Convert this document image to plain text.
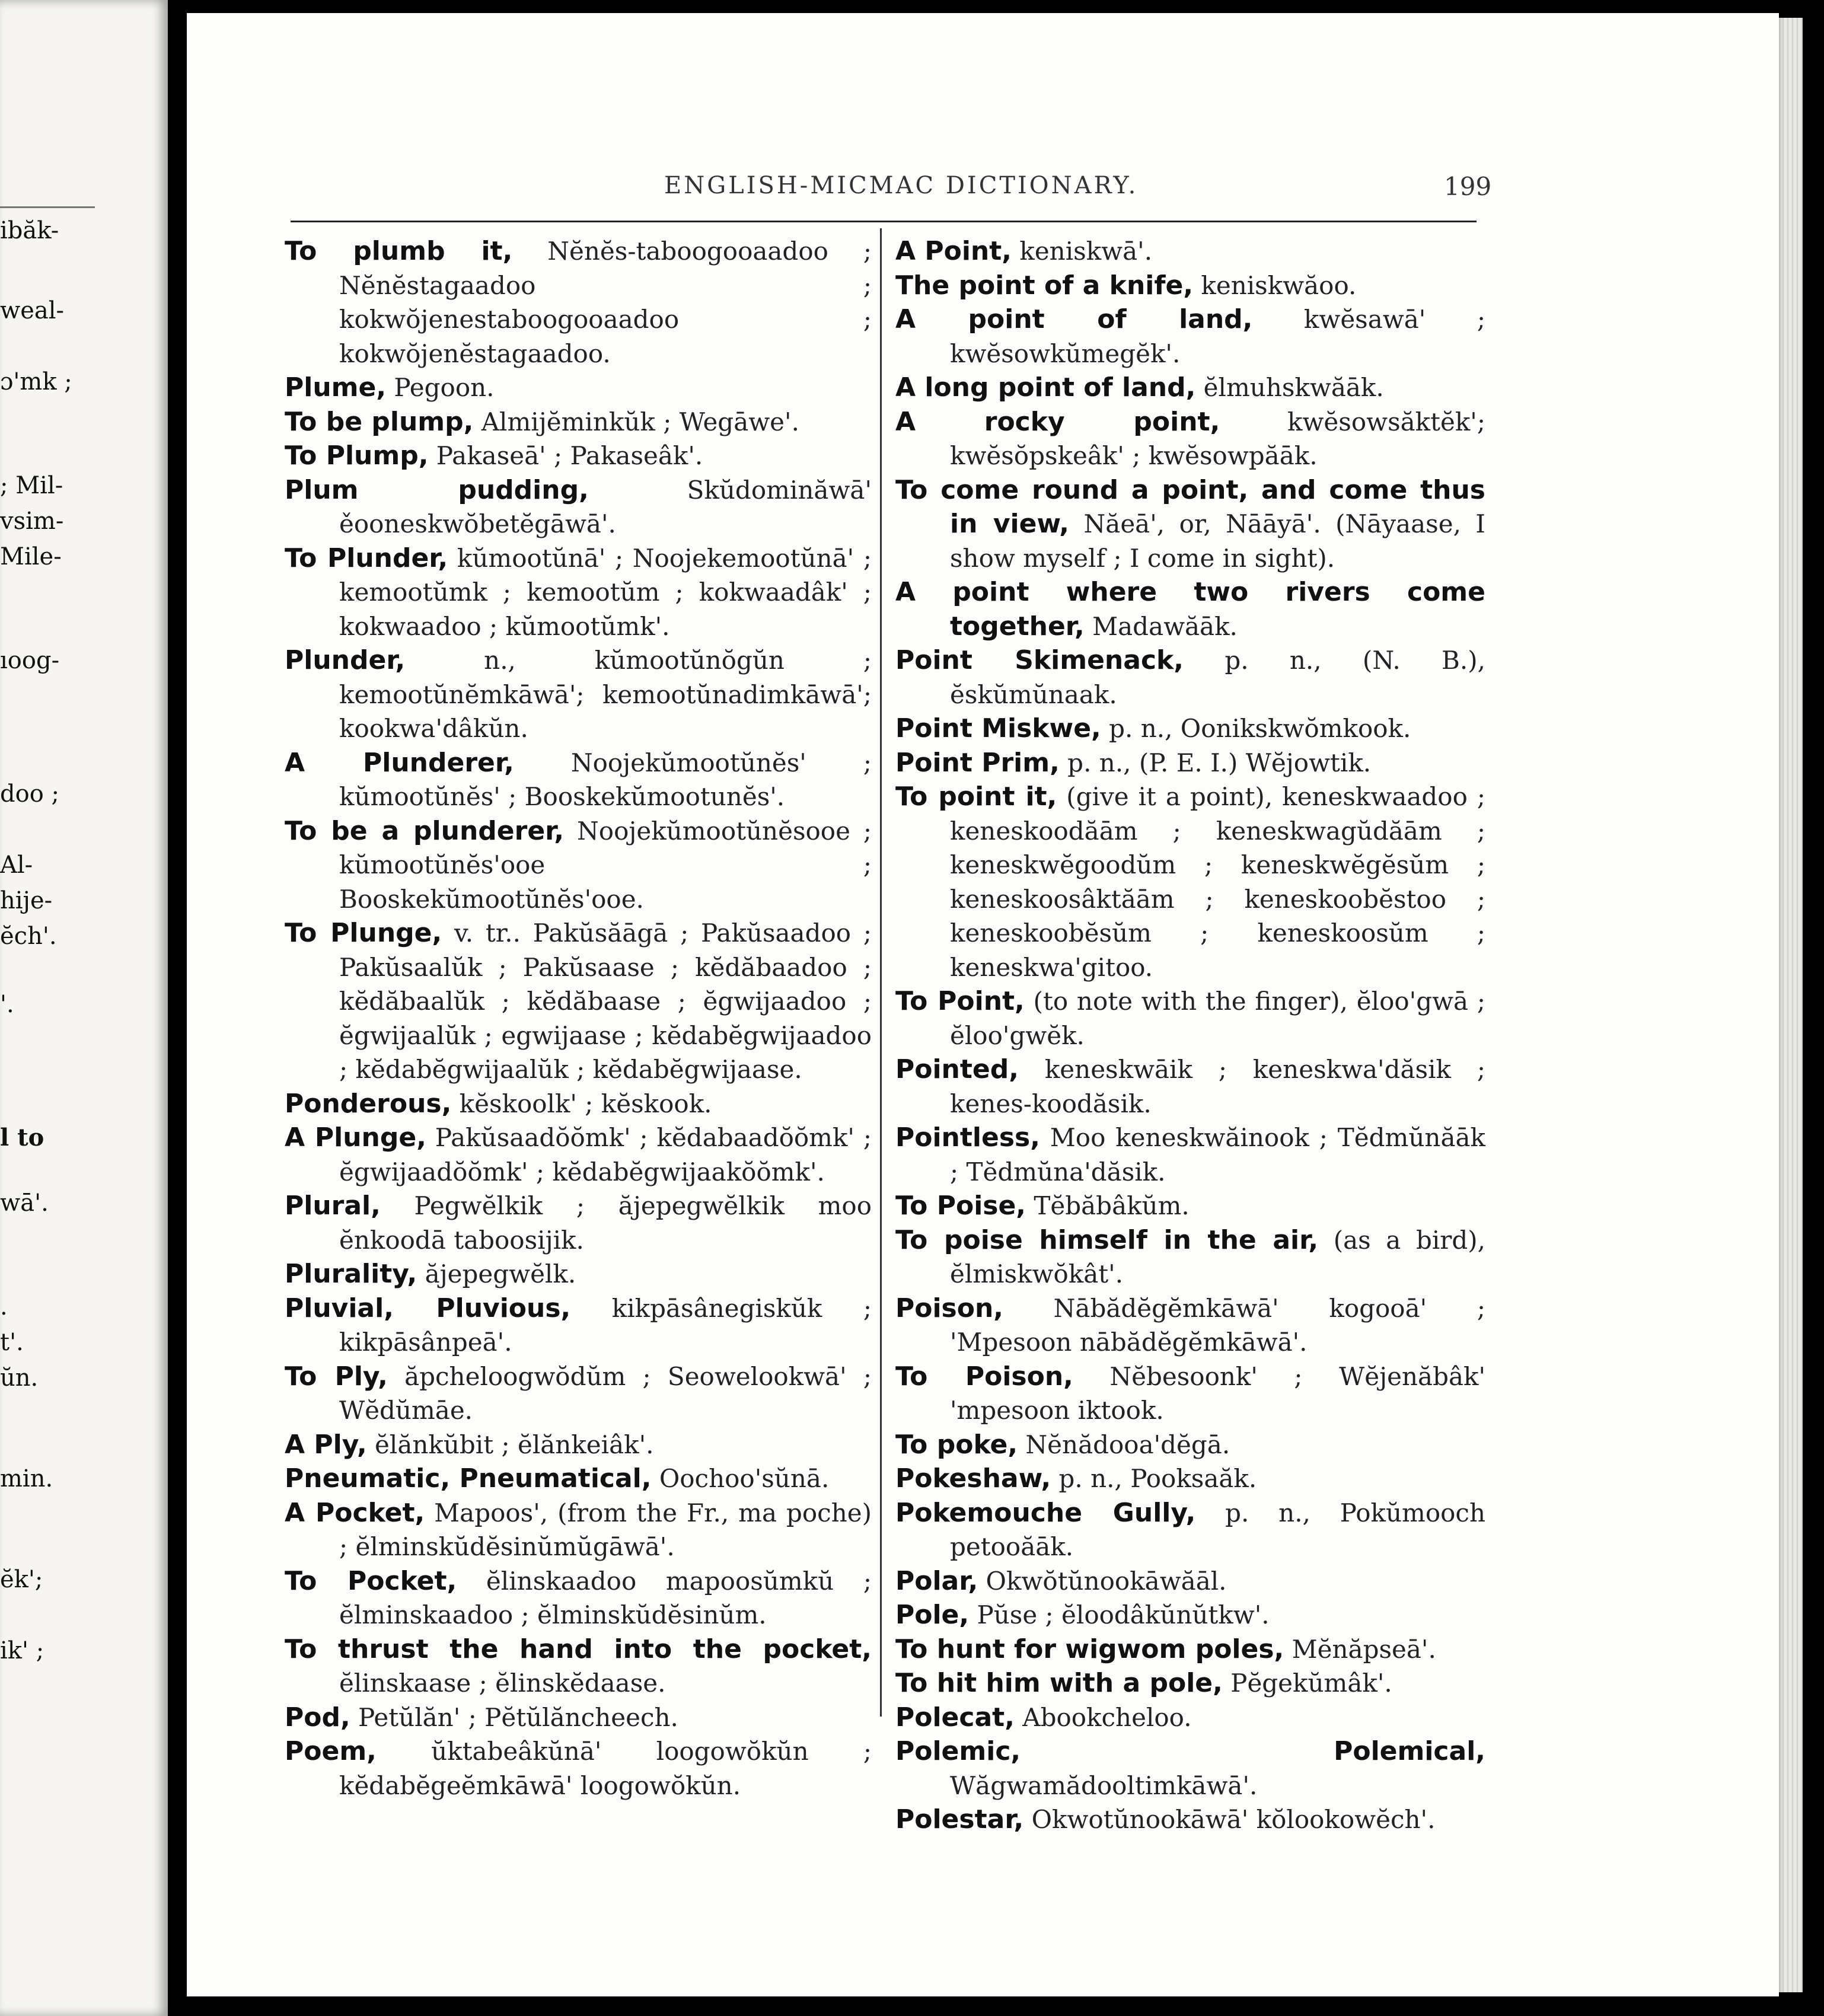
ibăk-
weal-
ɔ'mk ;
; Mil-
vsim-
Mile-
ıoog-
doo ;
Al-
hije-
ĕch'.
'.
l to
wā'.
.
t'.
ŭn.
min.
ĕk';
ik' ;
ENGLISH-MICMAC DICTIONARY.	199

To plumb it, Nĕnĕs-taboogooaadoo ; Nĕnĕstagaadoo ; kokwŏjenestaboogooaadoo ; kokwŏjenĕstagaadoo.

Plume, Pegoon.

To be plump, Almijĕminkŭk ; Wegāwe'.

To Plump, Pakaseā' ; Pakaseâk'.

Plum pudding, Skŭdominăwā' ěooneskwŏbetĕgāwā'.

To Plunder, kŭmootŭnā' ; Noojekemootŭnā' ; kemootŭmk ; kemootŭm ; kokwaadâk' ; kokwaadoo ; kŭmootŭmk'.

Plunder, n., kŭmootŭnŏgŭn ; kemootŭnĕmkāwā'; kemootŭnadimkāwā'; kookwa'dâkŭn.

A Plunderer, Noojekŭmootŭnĕs' ; kŭmootŭnĕs' ; Booskekŭmootunĕs'.

To be a plunderer, Noojekŭmootŭnĕsooe ; kŭmootŭnĕs'ooe ; Booskekŭmootŭnĕs'ooe.

To Plunge, v. tr.. Pakŭsăāgā ; Pakŭsaadoo ; Pakŭsaalŭk ; Pakŭsaase ; kĕdăbaadoo ; kĕdăbaalŭk ; kĕdăbaase ; ĕgwijaadoo ; ĕgwijaalŭk ; egwijaase ; kĕdabĕgwijaadoo ; kĕdabĕgwijaalŭk ; kĕdabĕgwijaase.

Ponderous, kĕskoolk' ; kĕskook.

A Plunge, Pakŭsaadŏŏmk' ; kĕdabaadŏŏmk' ; ĕgwijaadŏŏmk' ; kĕdabĕgwijaakŏŏmk'.

Plural, Pegwĕlkik ; ăjepegwĕlkik moo ĕnkoodā taboosijik.

Plurality, ăjepegwĕlk.

Pluvial, Pluvious, kikpāsânegiskŭk ; kikpāsânpeā'.

To Ply, ăpcheloogwŏdŭm ; Seowelookwā' ; Wĕdŭmāe.

A Ply, ĕlănkŭbit ; ĕlănkeiâk'.

Pneumatic, Pneumatical, Oochoo'sŭnā.

A Pocket, Mapoos', (from the Fr., ma poche) ; ĕlminskŭdĕsinŭmŭgāwā'.

To Pocket, ĕlinskaadoo mapoosŭmkŭ ; ĕlminskaadoo ; ĕlminskŭdĕsinŭm.

To thrust the hand into the pocket, ĕlinskaase ; ĕlinskĕdaase.

Pod, Petŭlăn' ; Pĕtŭlăncheech.

Poem, ŭktabeâkŭnā' loogowŏkŭn ; kĕdabĕgeĕmkāwā' loogowŏkŭn.

A Point, keniskwā'.

The point of a knife, keniskwăoo.

A point of land, kwĕsawā' ; kwĕsowkŭmegĕk'.

A long point of land, ĕlmuhskwăāk.

A rocky point, kwĕsowsăktĕk'; kwĕsŏpskeâk' ; kwĕsowpăāk.

To come round a point, and come thus in view, Năeā', or, Nāāyā'. (Nāyaase, I show myself ; I come in sight).

A point where two rivers come together, Madawăāk.

Point Skimenack, p. n., (N. B.), ĕskŭmŭnaak.

Point Miskwe, p. n., Oonikskwŏmkook.

Point Prim, p. n., (P. E. I.) Wĕjowtik.

To point it, (give it a point), keneskwaadoo ; keneskoodăām ; keneskwagŭdăām ; keneskwĕgoodŭm ; keneskwĕgĕsŭm ; keneskoosâktăām ; keneskoobĕstoo ; keneskoobĕsŭm ; keneskoosŭm ; keneskwa'gitoo.

To Point, (to note with the finger), ĕloo'gwā ; ĕloo'gwĕk.

Pointed, keneskwāik ; keneskwa'dăsik ; kenes-koodăsik.

Pointless, Moo keneskwăinook ; Tĕdmŭnăāk ; Tĕdmŭna'dăsik.

To Poise, Tĕbăbâkŭm.

To poise himself in the air, (as a bird), ĕlmiskwŏkât'.

Poison, Nābădĕgĕmkāwā' kogooā' ; 'Mpesoon nābădĕgĕmkāwā'.

To Poison, Nĕbesoonk' ; Wĕjenăbâk' 'mpesoon iktook.

To poke, Nĕnădooa'dĕgā.

Pokeshaw, p. n., Pooksaăk.

Pokemouche Gully, p. n., Pokŭmooch petooăāk.

Polar, Okwŏtŭnookāwăāl.

Pole, Pŭse ; ĕloodâkŭnŭtkw'.

To hunt for wigwom poles, Mĕnăpseā'.

To hit him with a pole, Pĕgekŭmâk'.

Polecat, Abookcheloo.

Polemic, Polemical, Wăgwamădooltimkāwā'.

Polestar, Okwotŭnookāwā' kŏlookowĕch'.
